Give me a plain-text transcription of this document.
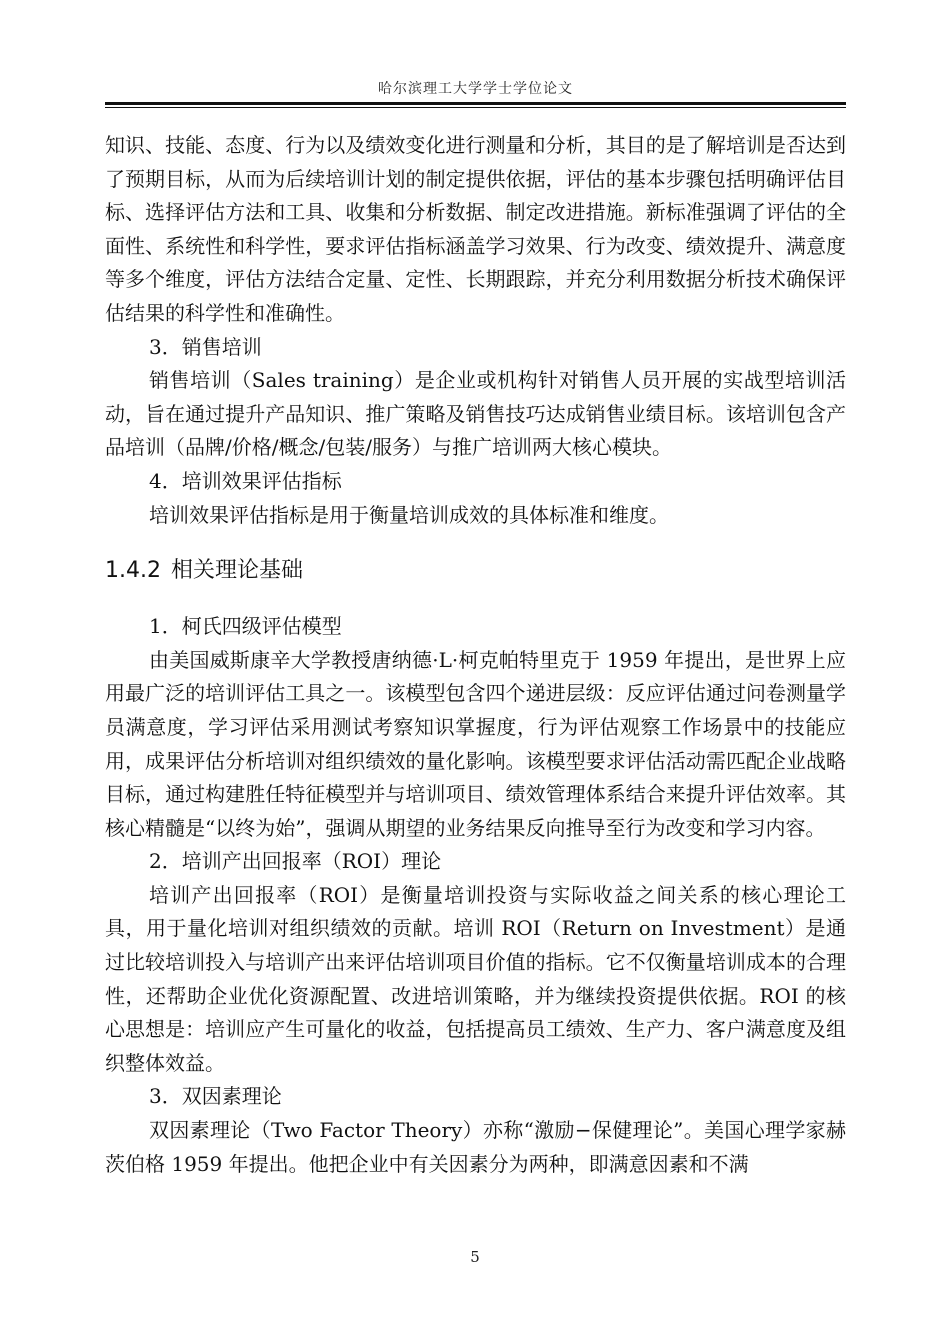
哈尔滨理工大学学士学位论文

知识、技能、态度、行为以及绩效变化进行测量和分析，其目的是了解培训是否达到了预期目标，从而为后续培训计划的制定提供依据，评估的基本步骤包括明确评估目标、选择评估方法和工具、收集和分析数据、制定改进措施。新标准强调了评估的全面性、系统性和科学性，要求评估指标涵盖学习效果、行为改变、绩效提升、满意度等多个维度，评估方法结合定量、定性、长期跟踪，并充分利用数据分析技术确保评估结果的科学性和准确性。

3．销售培训

销售培训（Sales training）是企业或机构针对销售人员开展的实战型培训活动，旨在通过提升产品知识、推广策略及销售技巧达成销售业绩目标。该培训包含产品培训（品牌/价格/概念/包装/服务）与推广培训两大核心模块。

4．培训效果评估指标

培训效果评估指标是用于衡量培训成效的具体标准和维度。

1.4.2 相关理论基础

1．柯氏四级评估模型

由美国威斯康辛大学教授唐纳德·L·柯克帕特里克于 1959 年提出，是世界上应用最广泛的培训评估工具之一。该模型包含四个递进层级：反应评估通过问卷测量学员满意度，学习评估采用测试考察知识掌握度，行为评估观察工作场景中的技能应用，成果评估分析培训对组织绩效的量化影响。该模型要求评估活动需匹配企业战略目标，通过构建胜任特征模型并与培训项目、绩效管理体系结合来提升评估效率。其核心精髓是“以终为始”，强调从期望的业务结果反向推导至行为改变和学习内容。

2．培训产出回报率（ROI）理论

培训产出回报率（ROI）是衡量培训投资与实际收益之间关系的核心理论工具，用于量化培训对组织绩效的贡献。培训 ROI（Return on Investment）是通过比较培训投入与培训产出来评估培训项目价值的指标。它不仅衡量培训成本的合理性，还帮助企业优化资源配置、改进培训策略，并为继续投资提供依据。ROI 的核心思想是：培训应产生可量化的收益，包括提高员工绩效、生产力、客户满意度及组织整体效益。

3．双因素理论

双因素理论（Two Factor Theory）亦称“激励−保健理论”。美国心理学家赫茨伯格 1959 年提出。他把企业中有关因素分为两种，即满意因素和不满

5
